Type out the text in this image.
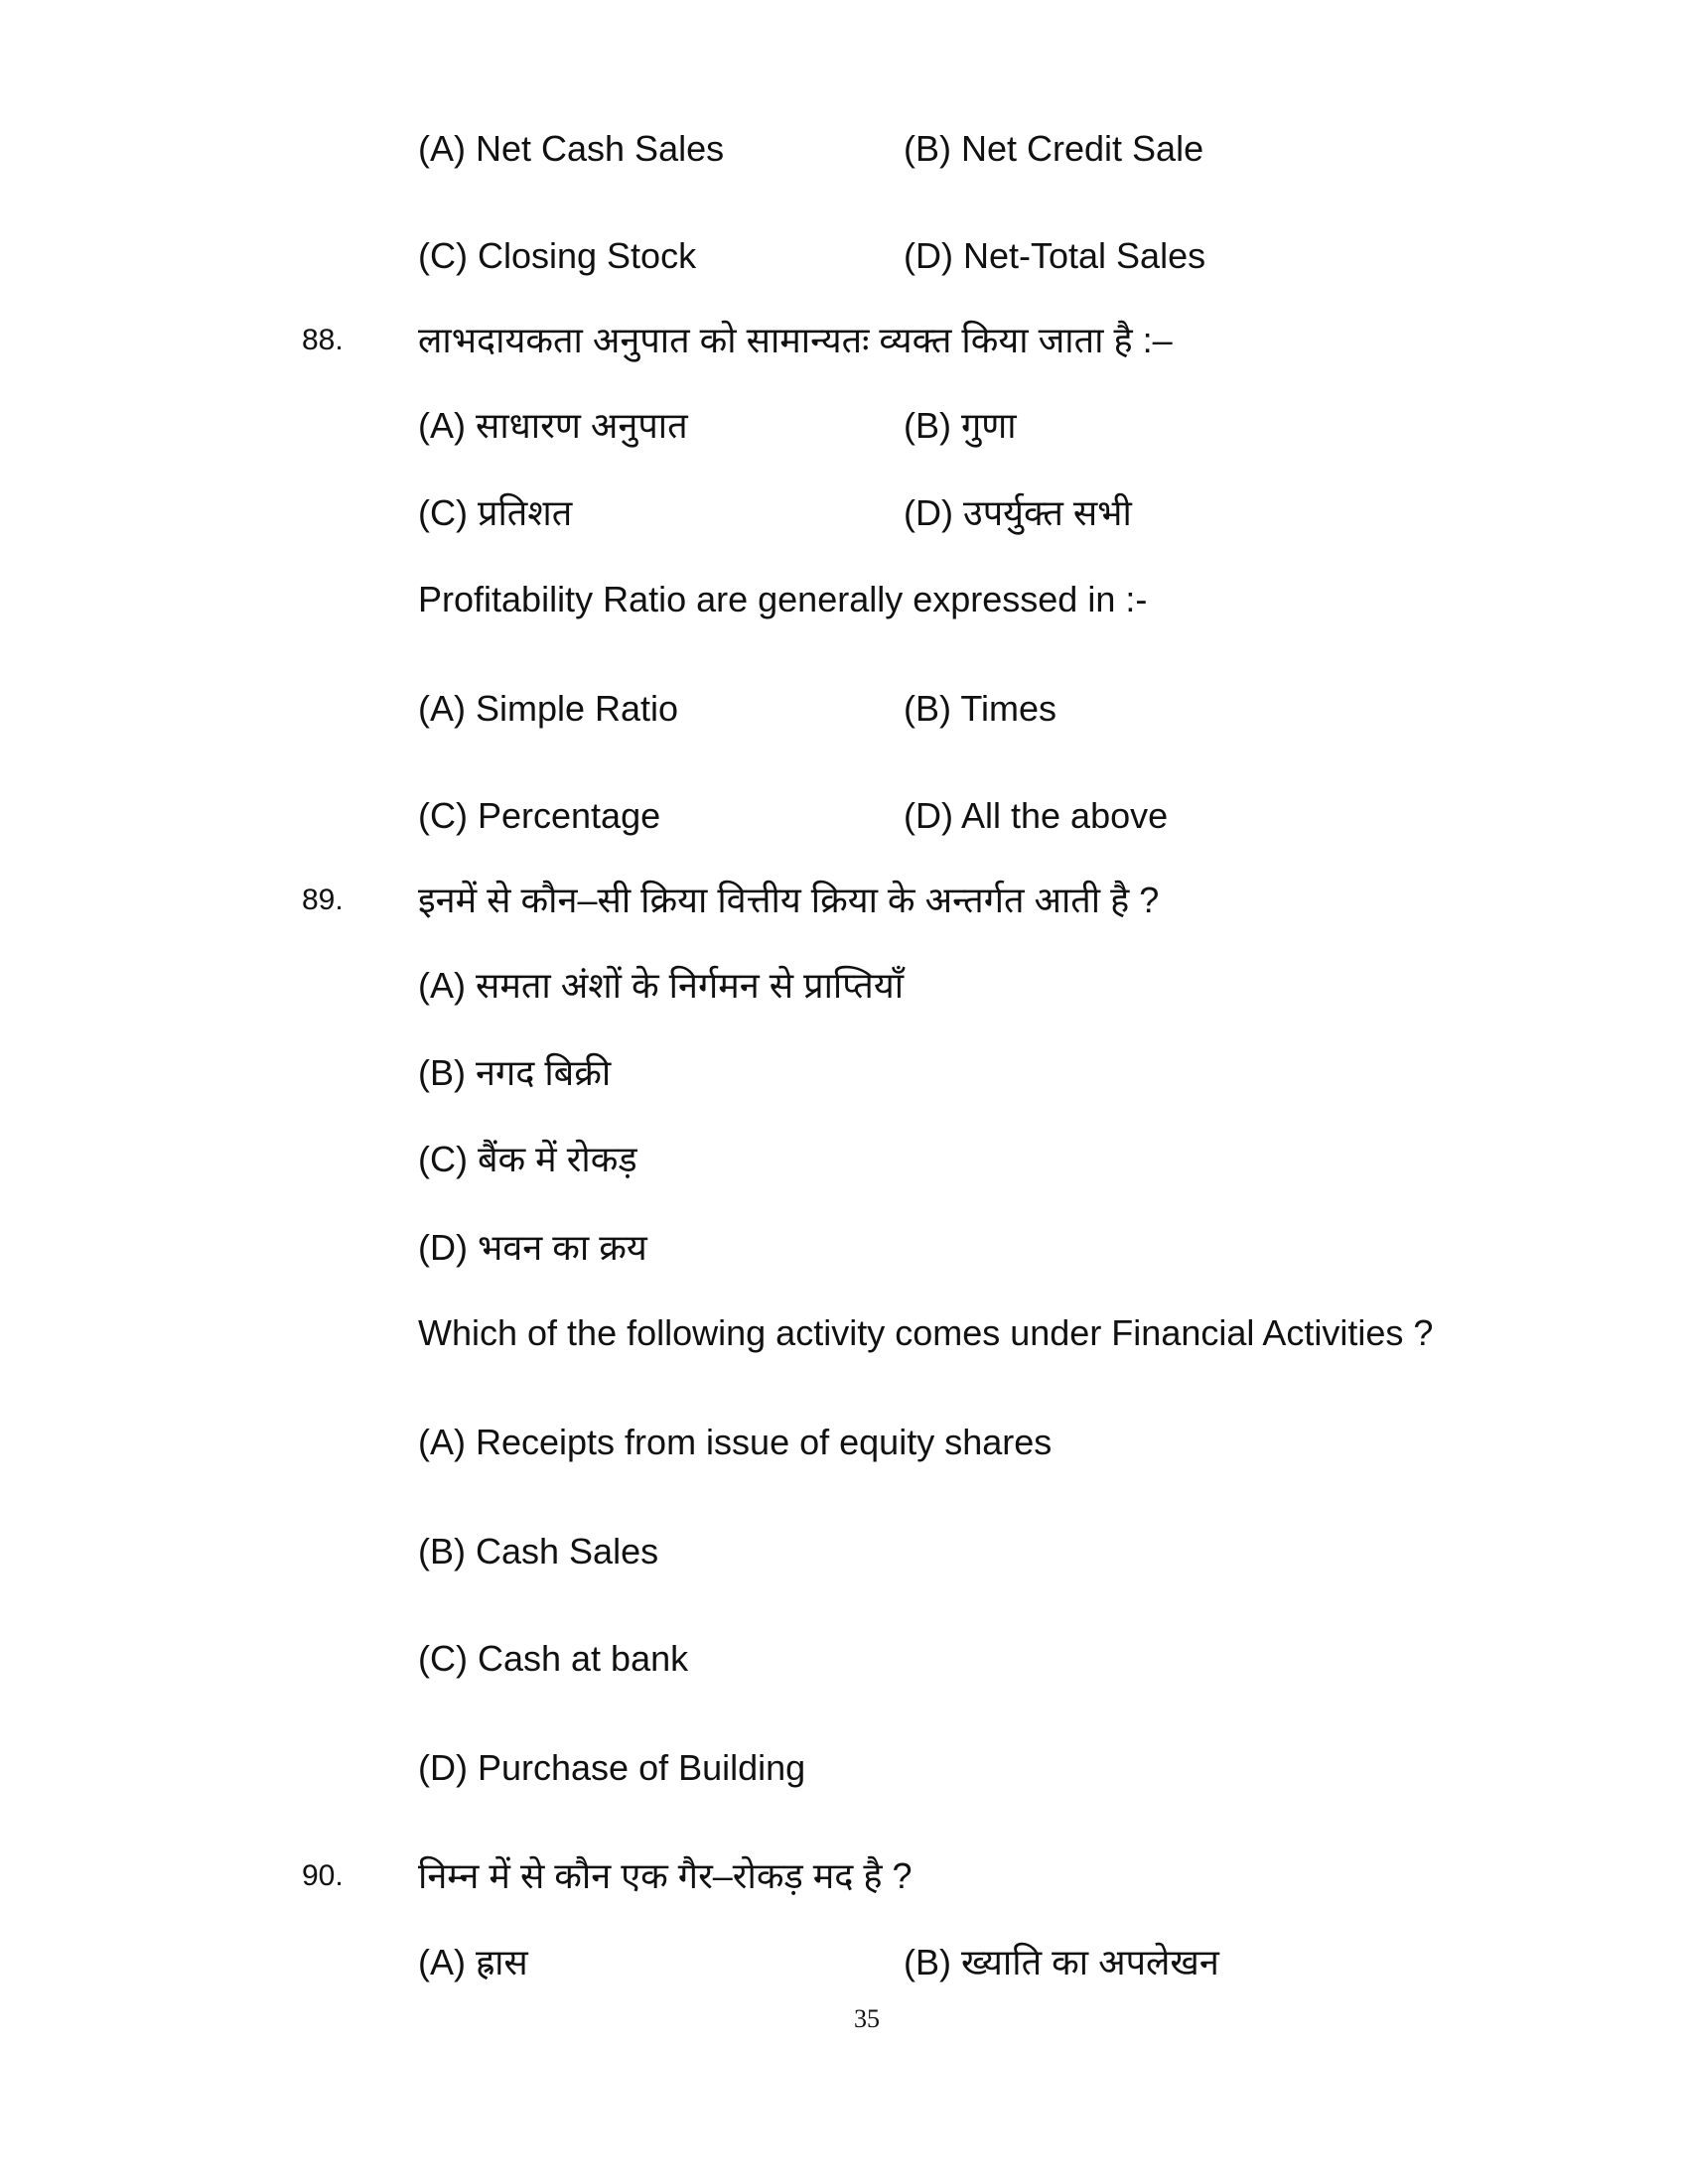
(A) Net Cash Sales	(B) Net Credit Sale
(C) Closing Stock	(D) Net-Total Sales
88. लाभदायकता अनुपात को सामान्यतः व्यक्त किया जाता है :–
(A) साधारण अनुपात	(B) गुणा
(C) प्रतिशत	(D) उपर्युक्त सभी
Profitability Ratio are generally expressed in :-
(A) Simple Ratio	(B) Times
(C) Percentage	(D) All the above
89. इनमें से कौन–सी क्रिया वित्तीय क्रिया के अन्तर्गत आती है ?
(A) समता अंशों के निर्गमन से प्राप्तियाँ
(B) नगद बिक्री
(C) बैंक में रोकड़
(D) भवन का क्रय
Which of the following activity comes under Financial Activities ?
(A) Receipts from issue of equity shares
(B) Cash Sales
(C) Cash at bank
(D) Purchase of Building
90. निम्न में से कौन एक गैर–रोकड़ मद है ?
(A) ह्रास	(B) ख्याति का अपलेखन
35
